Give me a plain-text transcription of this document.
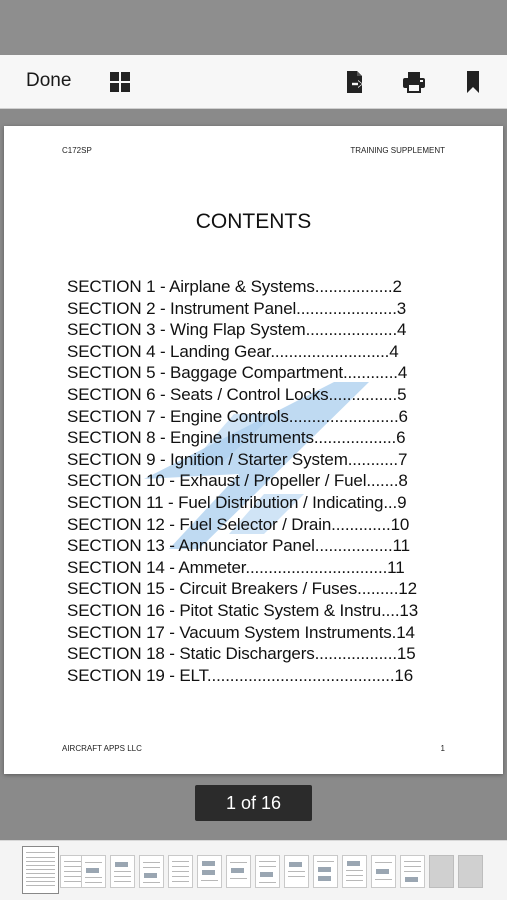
Done
C172SP	TRAINING SUPPLEMENT
CONTENTS
SECTION 1 - Airplane & Systems.................2
SECTION 2 - Instrument Panel......................3
SECTION 3 - Wing Flap System....................4
SECTION 4 - Landing Gear..........................4
SECTION 5 - Baggage Compartment............4
SECTION 6 - Seats / Control Locks...............5
SECTION 7 - Engine Controls........................6
SECTION 8 - Engine Instruments..................6
SECTION 9 - Ignition / Starter System...........7
SECTION 10 - Exhaust / Propeller / Fuel.......8
SECTION 11 - Fuel Distribution / Indicating...9
SECTION 12 - Fuel Selector / Drain.............10
SECTION 13 - Annunciator Panel.................11
SECTION 14 - Ammeter...............................11
SECTION 15 - Circuit Breakers / Fuses.........12
SECTION 16 - Pitot Static System & Instru....13
SECTION 17 - Vacuum System Instruments.14
SECTION 18 - Static Dischargers..................15
SECTION 19 - ELT.........................................16
AIRCRAFT APPS LLC	1
1 of 16
